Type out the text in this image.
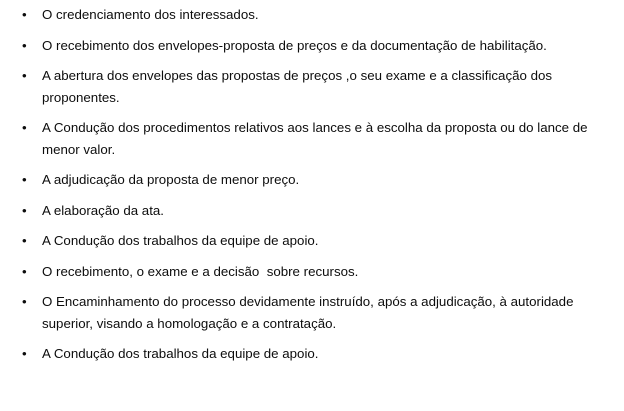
•	O credenciamento dos interessados.
•	O recebimento dos envelopes-proposta de preços e da documentação de habilitação.
•	A abertura dos envelopes das propostas de preços ,o seu exame e a classificação dos proponentes.
•	A Condução dos procedimentos relativos aos lances e à escolha da proposta ou do lance de menor valor.
•	A adjudicação da proposta de menor preço.
•	A elaboração da ata.
•	A Condução dos trabalhos da equipe de apoio.
•	O recebimento, o exame e a decisão  sobre recursos.
•	O Encaminhamento do processo devidamente instruído, após a adjudicação, à autoridade superior, visando a homologação e a contratação.
•	A Condução dos trabalhos da equipe de apoio.
